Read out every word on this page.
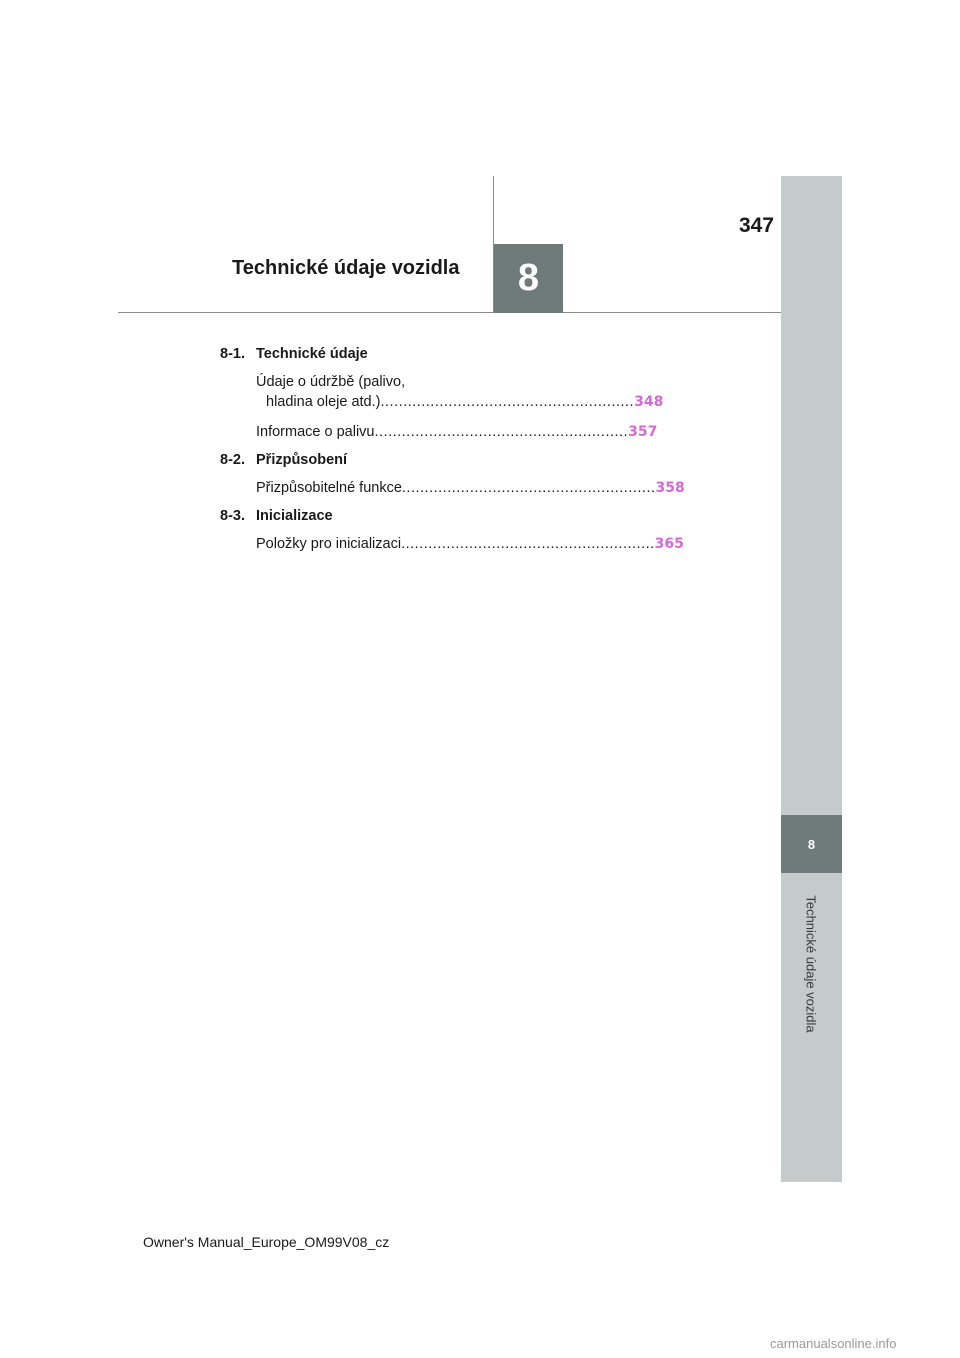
8
Technické údaje vozidla
347
8
Technické údaje vozidla
8-1. Technické údaje
Údaje o údržbě (palivo,
hladina oleje atd.) ........................................................ 348
Informace o palivu ........................................................ 357
8-2. Přizpůsobení
Přizpůsobitelné funkce ........................................................ 358
8-3. Inicializace
Položky pro inicializaci ........................................................ 365
Owner's Manual_Europe_OM99V08_cz
carmanualsonline.info
